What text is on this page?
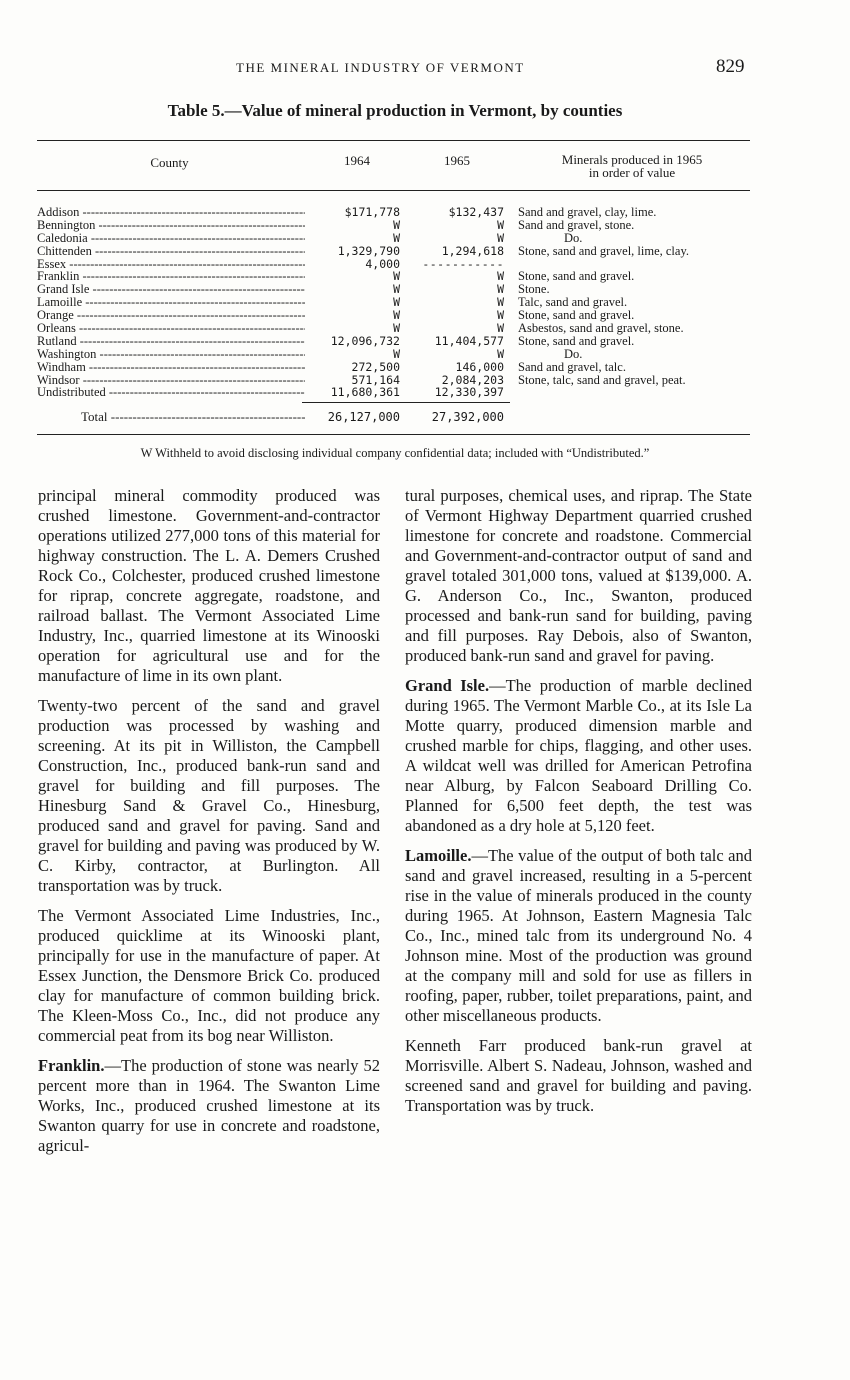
THE MINERAL INDUSTRY OF VERMONT	829
Table 5.—Value of mineral production in Vermont, by counties
County	1964	1965	Minerals produced in 1965
in order of value
Addison -----	$171,778	$132,437 Sand and gravel, clay, lime.
Bennington -----	W	W Sand and gravel, stone.
Caledonia -----	W	W	Do.
Chittenden -----	1,329,790	1,294,618 Stone, sand and gravel, lime, clay.
Essex -----	4,000 -----------
Franklin -----	W	W Stone, sand and gravel.
Grand Isle -----	W	W Stone.
Lamoille -----	W	W Talc, sand and gravel.
Orange -----	W	W Stone, sand and gravel.
Orleans -----	W	W Asbestos, sand and gravel, stone.
Rutland -----	12,096,732	11,404,577 Stone, sand and gravel.
Washington -----	W	W	Do.
Windham -----	272,500	146,000 Sand and gravel, talc.
Windsor -----	571,164	2,084,203 Stone, talc, sand and gravel, peat.
Undistributed -----	11,680,361	12,330,397
Total -----	26,127,000	27,392,000
W Withheld to avoid disclosing individual company confidential data; included with “Undistributed.”

principal mineral commodity produced was crushed limestone. Government-and-contractor operations utilized 277,000 tons of this material for highway construction. The L. A. Demers Crushed Rock Co., Colchester, produced crushed limestone for riprap, concrete aggregate, roadstone, and railroad ballast. The Vermont Associated Lime Industry, Inc., quarried limestone at its Winooski operation for agricultural use and for the manufacture of lime in its own plant.

Twenty-two percent of the sand and gravel production was processed by washing and screening. At its pit in Williston, the Campbell Construction, Inc., produced bank-run sand and gravel for building and fill purposes. The Hinesburg Sand & Gravel Co., Hinesburg, produced sand and gravel for paving. Sand and gravel for building and paving was produced by W. C. Kirby, contractor, at Burlington. All transportation was by truck.

The Vermont Associated Lime Industries, Inc., produced quicklime at its Winooski plant, principally for use in the manufacture of paper. At Essex Junction, the Densmore Brick Co. produced clay for manufacture of common building brick. The Kleen-Moss Co., Inc., did not produce any commercial peat from its bog near Williston.

Franklin.—The production of stone was nearly 52 percent more than in 1964. The Swanton Lime Works, Inc., produced crushed limestone at its Swanton quarry for use in concrete and roadstone, agricul-

tural purposes, chemical uses, and riprap. The State of Vermont Highway Department quarried crushed limestone for concrete and roadstone. Commercial and Government-and-contractor output of sand and gravel totaled 301,000 tons, valued at $139,000. A. G. Anderson Co., Inc., Swanton, produced processed and bank-run sand for building, paving and fill purposes. Ray Debois, also of Swanton, produced bank-run sand and gravel for paving.

Grand Isle.—The production of marble declined during 1965. The Vermont Marble Co., at its Isle La Motte quarry, produced dimension marble and crushed marble for chips, flagging, and other uses. A wildcat well was drilled for American Petrofina near Alburg, by Falcon Seaboard Drilling Co. Planned for 6,500 feet depth, the test was abandoned as a dry hole at 5,120 feet.

Lamoille.—The value of the output of both talc and sand and gravel increased, resulting in a 5-percent rise in the value of minerals produced in the county during 1965. At Johnson, Eastern Magnesia Talc Co., Inc., mined talc from its underground No. 4 Johnson mine. Most of the production was ground at the company mill and sold for use as fillers in roofing, paper, rubber, toilet preparations, paint, and other miscellaneous products.

Kenneth Farr produced bank-run gravel at Morrisville. Albert S. Nadeau, Johnson, washed and screened sand and gravel for building and paving. Transportation was by truck.
